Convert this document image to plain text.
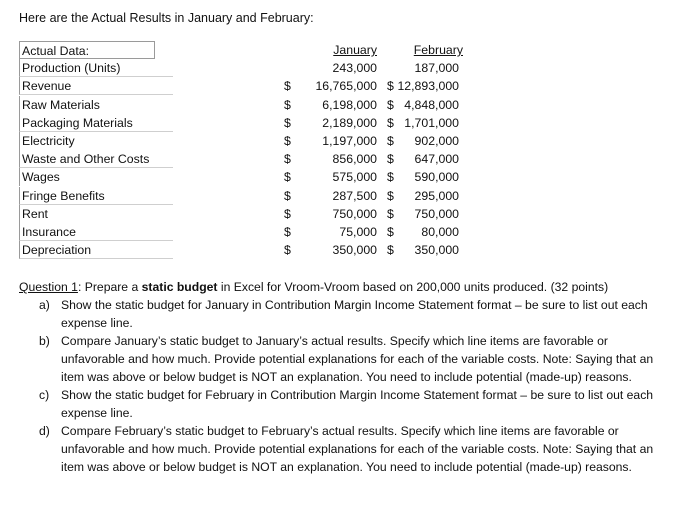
Here are the Actual Results in January and February:
Actual Data:	January	February
Production (Units)	243,000	187,000
Revenue	$	16,765,000 $ 12,893,000
Raw Materials	$	6,198,000 $ 4,848,000
Packaging Materials	$	2,189,000 $ 1,701,000
Electricity	$	1,197,000 $	902,000
Waste and Other Costs	$	856,000 $	647,000
Wages	$	575,000 $	590,000
Fringe Benefits	$	287,500 $	295,000
Rent	$	750,000 $	750,000
Insurance	$	75,000 $	80,000
Depreciation	$	350,000 $	350,000
Question 1: Prepare a static budget in Excel for Vroom-Vroom based on 200,000 units produced. (32 points)
a) Show the static budget for January in Contribution Margin Income Statement format – be sure to list out each expense line.
b) Compare January’s static budget to January’s actual results. Specify which line items are favorable or unfavorable and how much. Provide potential explanations for each of the variable costs. Note: Saying that an item was above or below budget is NOT an explanation. You need to include potential (made-up) reasons.
c) Show the static budget for February in Contribution Margin Income Statement format – be sure to list out each expense line.
d) Compare February’s static budget to February’s actual results. Specify which line items are favorable or unfavorable and how much. Provide potential explanations for each of the variable costs. Note: Saying that an item was above or below budget is NOT an explanation. You need to include potential (made-up) reasons.
